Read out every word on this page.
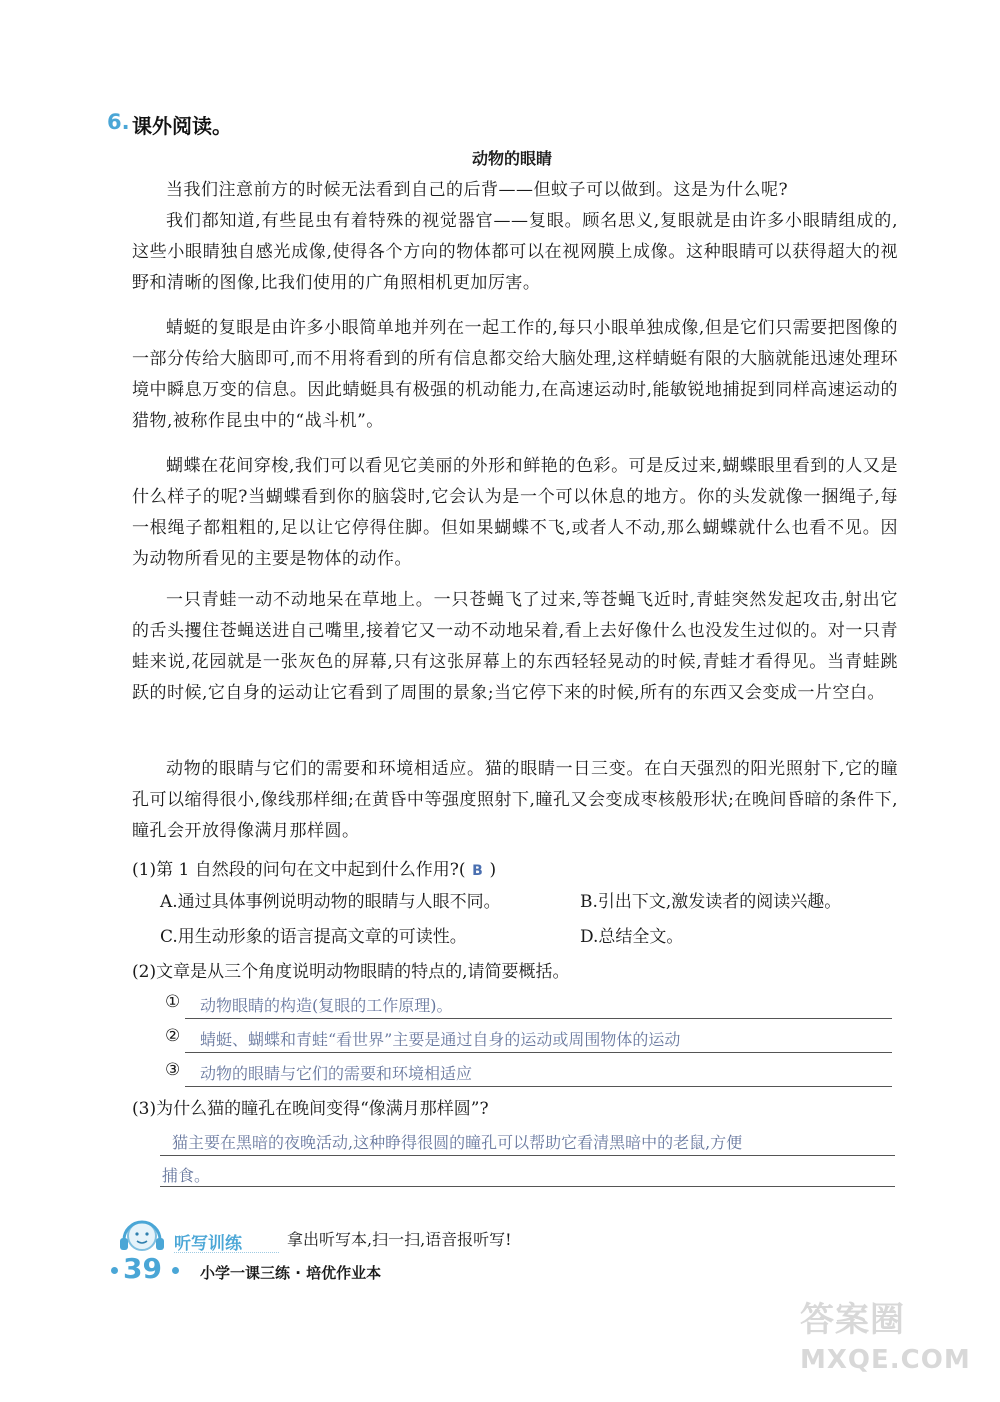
6. 课外阅读。
动物的眼睛
当我们注意前方的时候无法看到自己的后背——但蚊子可以做到。这是为什么呢?
我们都知道,有些昆虫有着特殊的视觉器官——复眼。顾名思义,复眼就是由许多小眼睛组成的,这些小眼睛独自感光成像,使得各个方向的物体都可以在视网膜上成像。这种眼睛可以获得超大的视野和清晰的图像,比我们使用的广角照相机更加厉害。
蜻蜓的复眼是由许多小眼简单地并列在一起工作的,每只小眼单独成像,但是它们只需要把图像的一部分传给大脑即可,而不用将看到的所有信息都交给大脑处理,这样蜻蜓有限的大脑就能迅速处理环境中瞬息万变的信息。因此蜻蜓具有极强的机动能力,在高速运动时,能敏锐地捕捉到同样高速运动的猎物,被称作昆虫中的“战斗机”。
蝴蝶在花间穿梭,我们可以看见它美丽的外形和鲜艳的色彩。可是反过来,蝴蝶眼里看到的人又是什么样子的呢?当蝴蝶看到你的脑袋时,它会认为是一个可以休息的地方。你的头发就像一捆绳子,每一根绳子都粗粗的,足以让它停得住脚。但如果蝴蝶不飞,或者人不动,那么蝴蝶就什么也看不见。因为动物所看见的主要是物体的动作。
一只青蛙一动不动地呆在草地上。一只苍蝇飞了过来,等苍蝇飞近时,青蛙突然发起攻击,射出它的舌头攫住苍蝇送进自己嘴里,接着它又一动不动地呆着,看上去好像什么也没发生过似的。对一只青蛙来说,花园就是一张灰色的屏幕,只有这张屏幕上的东西轻轻晃动的时候,青蛙才看得见。当青蛙跳跃的时候,它自身的运动让它看到了周围的景象;当它停下来的时候,所有的东西又会变成一片空白。
动物的眼睛与它们的需要和环境相适应。猫的眼睛一日三变。在白天强烈的阳光照射下,它的瞳孔可以缩得很小,像线那样细;在黄昏中等强度照射下,瞳孔又会变成枣核般形状;在晚间昏暗的条件下,瞳孔会开放得像满月那样圆。
(1)第 1 自然段的问句在文中起到什么作用?( B )
A.通过具体事例说明动物的眼睛与人眼不同。	B.引出下文,激发读者的阅读兴趣。
C.用生动形象的语言提高文章的可读性。	D.总结全文。
(2)文章是从三个角度说明动物眼睛的特点的,请简要概括。
① 动物眼睛的构造(复眼的工作原理)。
② 蜻蜓、蝴蝶和青蛙“看世界”主要是通过自身的运动或周围物体的运动
③ 动物的眼睛与它们的需要和环境相适应
(3)为什么猫的瞳孔在晚间变得“像满月那样圆”?
猫主要在黑暗的夜晚活动,这种睁得很圆的瞳孔可以帮助它看清黑暗中的老鼠,方便
捕食。
听写训练	拿出听写本,扫一扫,语音报听写!
39	小学一课三练 · 培优作业本
答案圈
MXQE.COM
